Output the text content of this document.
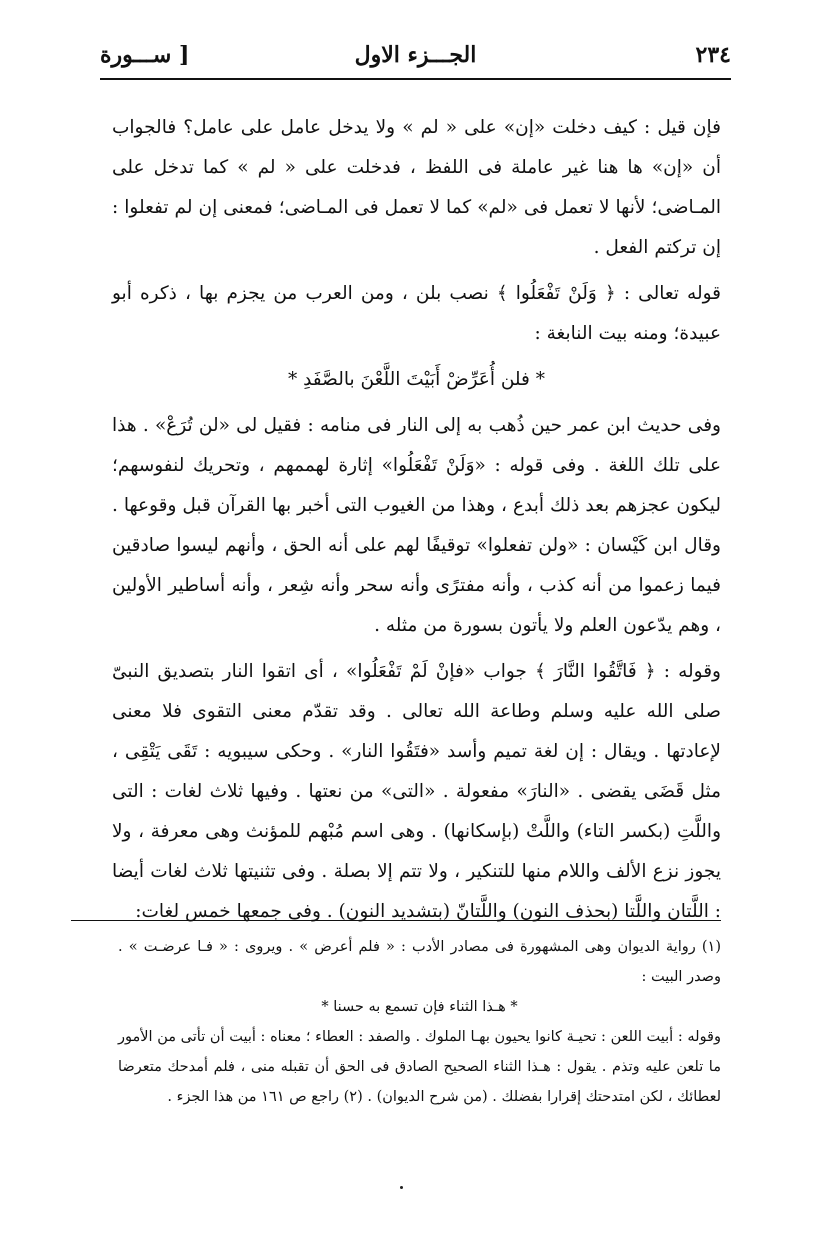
٢٣٤
الجـــزء الاول
[ ســـورة

فإن قيل : كيف دخلت «إن» على « لم » ولا يدخل عامل على عامل؟ فالجواب أن «إن» ها هنا غير عاملة فى اللفظ ، فدخلت على « لم » كما تدخل على المـاضى؛ لأنها لا تعمل فى «لم» كما لا تعمل فى المـاضى؛ فمعنى إن لم تفعلوا : إن تركتم الفعل .

قوله تعالى : ﴿ وَلَنْ تَفْعَلُوا ﴾ نصب بلن ، ومن العرب من يجزم بها ، ذكره أبو عبيدة؛ ومنه بيت النابغة :

* فلن أُعَرِّضْ أَبَيْتَ اللَّعْنَ بالصَّفَدِ *

وفى حديث ابن عمر حين ذُهب به إلى النار فى منامه : فقيل لى «لن تُرَعْ» . هذا على تلك اللغة . وفى قوله : «وَلَنْ تَفْعَلُوا» إثارة لهممهم ، وتحريك لنفوسهم؛ ليكون عجزهم بعد ذلك أبدع ، وهذا من الغيوب التى أخبر بها القرآن قبل وقوعها . وقال ابن كَيْسان : «ولن تفعلوا» توقيفًا لهم على أنه الحق ، وأنهم ليسوا صادقين فيما زعموا من أنه كذب ، وأنه مفترًى وأنه سحر وأنه شِعر ، وأنه أساطير الأولين ، وهم يدّعون العلم ولا يأتون بسورة من مثله .

وقوله : ﴿ فَاتَّقُوا النَّارَ ﴾ جواب «فإنْ لَمْ تَفْعَلُوا» ، أى اتقوا النار بتصديق النبىّ صلى الله عليه وسلم وطاعة الله تعالى . وقد تقدّم معنى التقوى فلا معنى لإعادتها . ويقال : إن لغة تميم وأسد «فتَقُوا النار» . وحكى سيبويه : تَقَى يَتْقِى ، مثل قَضَى يقضى . «النارَ» مفعولة . «التى» من نعتها . وفيها ثلاث لغات : التى واللَّتِ (بكسر التاء) واللَّتْ (بإسكانها) . وهى اسم مُبْهم للمؤنث وهى معرفة ، ولا يجوز نزع الألف واللام منها للتنكير ، ولا تتم إلا بصلة . وفى تثنيتها ثلاث لغات أيضا : اللَّتان واللَّتا (بحذف النون) واللَّتانّ (بتشديد النون) . وفى جمعها خمس لغات:

(١) رواية الديوان وهى المشهورة فى مصادر الأدب : « فلم أعرض » . ويروى : « فـا عرضـت » . وصدر البيت :

* هـذا الثناء فإن تسمع به حسنا *

وقوله : أبيت اللعن : تحيـة كانوا يحيون بهـا الملوك . والصفد : العطاء ؛ معناه : أبيت أن تأتى من الأمور ما تلعن عليه وتذم . يقول : هـذا الثناء الصحيح الصادق فى الحق أن تقبله منى ، فلم أمدحك متعرضا لعطائك ، لكن امتدحتك إقرارا بفضلك . (من شرح الديوان) . (٢) راجع ص ١٦١ من هذا الجزء .
